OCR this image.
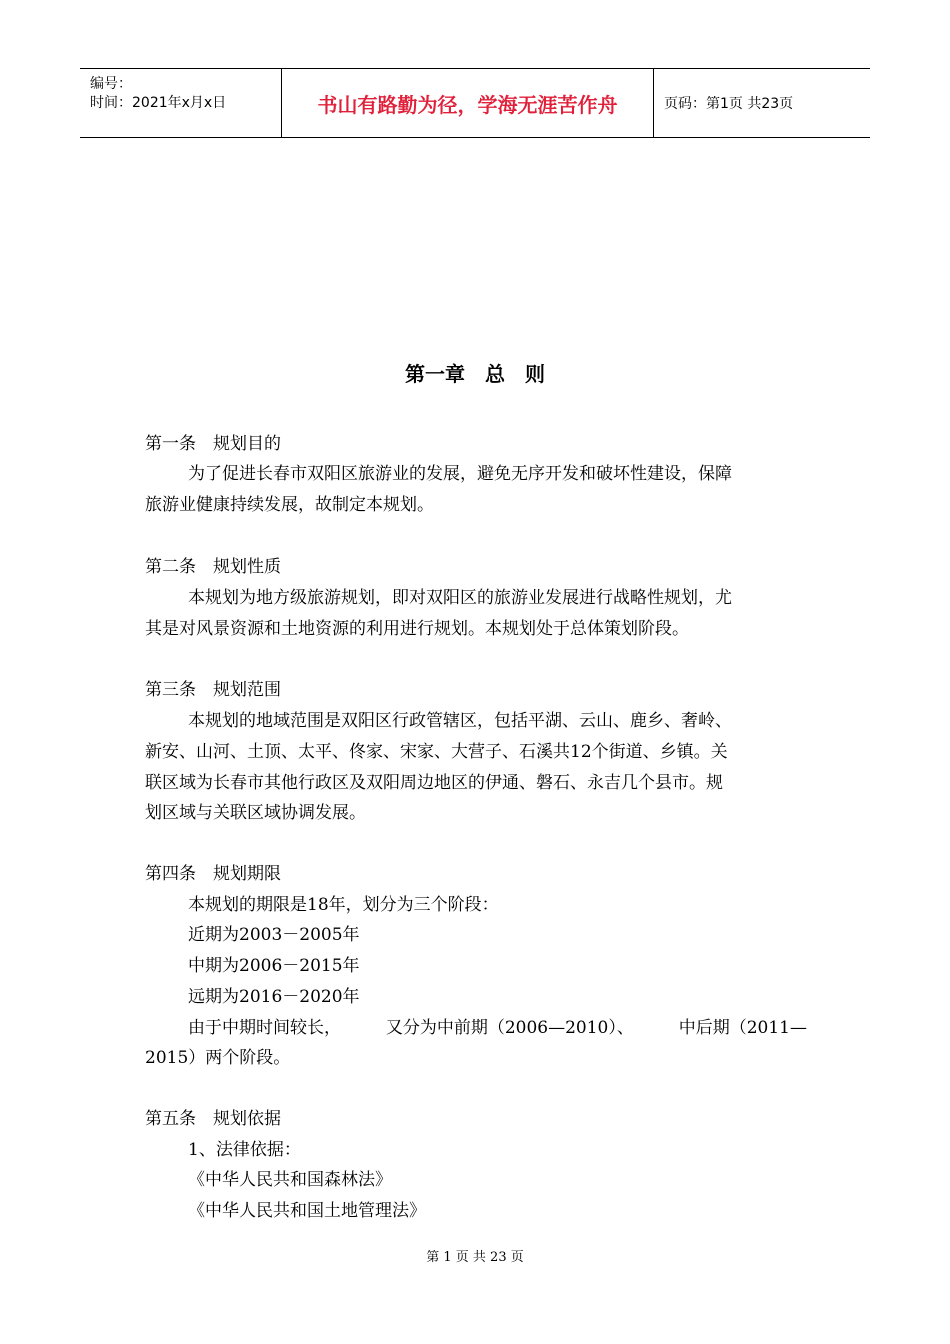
编号：
时间：2021年x月x日	书山有路勤为径，学海无涯苦作舟	页码：第1页 共23页
第一章　总　则
第一条　规划目的
为了促进长春市双阳区旅游业的发展，避免无序开发和破坏性建设，保障
旅游业健康持续发展，故制定本规划。
第二条　规划性质
本规划为地方级旅游规划，即对双阳区的旅游业发展进行战略性规划，尤
其是对风景资源和土地资源的利用进行规划。本规划处于总体策划阶段。
第三条　规划范围
本规划的地域范围是双阳区行政管辖区，包括平湖、云山、鹿乡、奢岭、
新安、山河、土顶、太平、佟家、宋家、大营子、石溪共12个街道、乡镇。关
联区域为长春市其他行政区及双阳周边地区的伊通、磐石、永吉几个县市。规
划区域与关联区域协调发展。
第四条　规划期限
本规划的期限是18年，划分为三个阶段：
近期为2003－2005年
中期为2006－2015年
远期为2016－2020年
由于中期时间较长，	又分为中前期（2006—2010）、	中后期（2011—
2015）两个阶段。
第五条　规划依据
1、法律依据：
《中华人民共和国森林法》
《中华人民共和国土地管理法》
第 1 页 共 23 页
